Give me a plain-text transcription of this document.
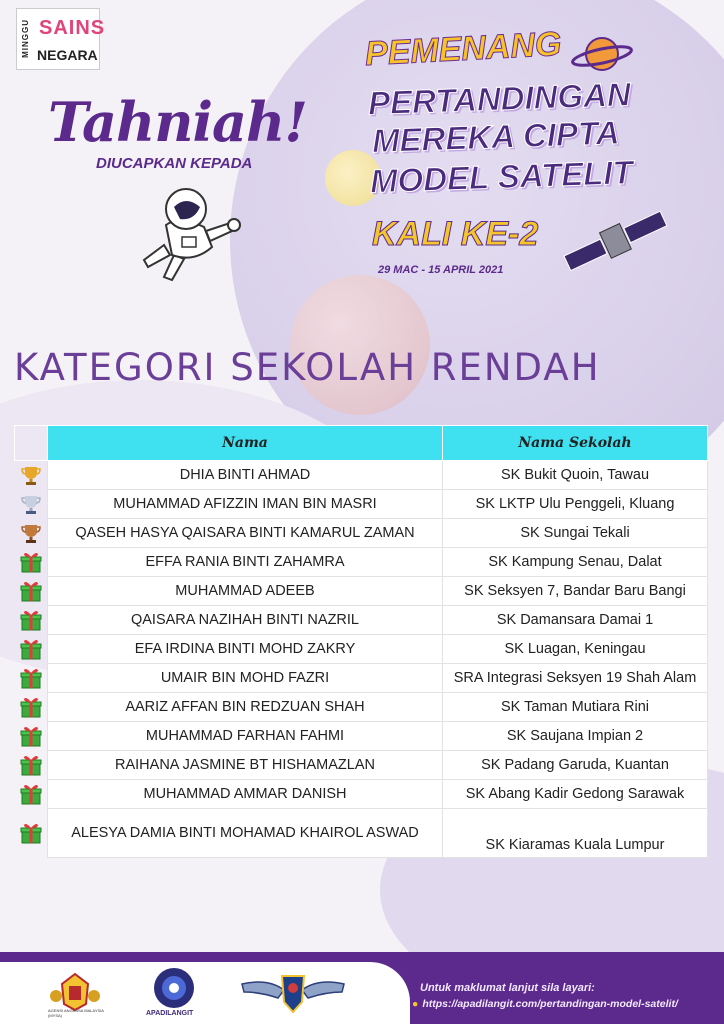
MINGGU SAINS
NEGARA
Tahniah!
DIUCAPKAN KEPADA
PEMENANG
PERTANDINGAN
MEREKA CIPTA
MODEL SATELIT
KALI KE-2
29 MAC - 15 APRIL 2021
KATEGORI SEKOLAH RENDAH
	Nama	Nama Sekolah

	DHIA BINTI AHMAD	SK Bukit Quoin, Tawau

	MUHAMMAD AFIZZIN IMAN BIN MASRI	SK LKTP Ulu Penggeli, Kluang

	QASEH HASYA QAISARA BINTI KAMARUL ZAMAN	SK Sungai Tekali

	EFFA RANIA BINTI ZAHAMRA	SK Kampung Senau, Dalat

	MUHAMMAD ADEEB	SK Seksyen 7, Bandar Baru Bangi

	QAISARA NAZIHAH BINTI NAZRIL	SK Damansara Damai 1

	EFA IRDINA BINTI MOHD ZAKRY	SK Luagan, Keningau

	UMAIR BIN MOHD FAZRI	SRA Integrasi Seksyen 19 Shah Alam

	AARIZ AFFAN BIN REDZUAN SHAH	SK Taman Mutiara Rini

	MUHAMMAD FARHAN FAHMI	SK Saujana Impian 2

	RAIHANA JASMINE BT HISHAMAZLAN	SK Padang Garuda, Kuantan

	MUHAMMAD AMMAR DANISH	SK Abang Kadir Gedong Sarawak

	ALESYA DAMIA BINTI MOHAMAD KHAIROL ASWAD	SK Kiaramas Kuala Lumpur
AGENSI ANGKASA MALAYSIA (MYSA)	APADILANGIT
Untuk maklumat lanjut sila layari:
● https://apadilangit.com/pertandingan-model-satelit/
